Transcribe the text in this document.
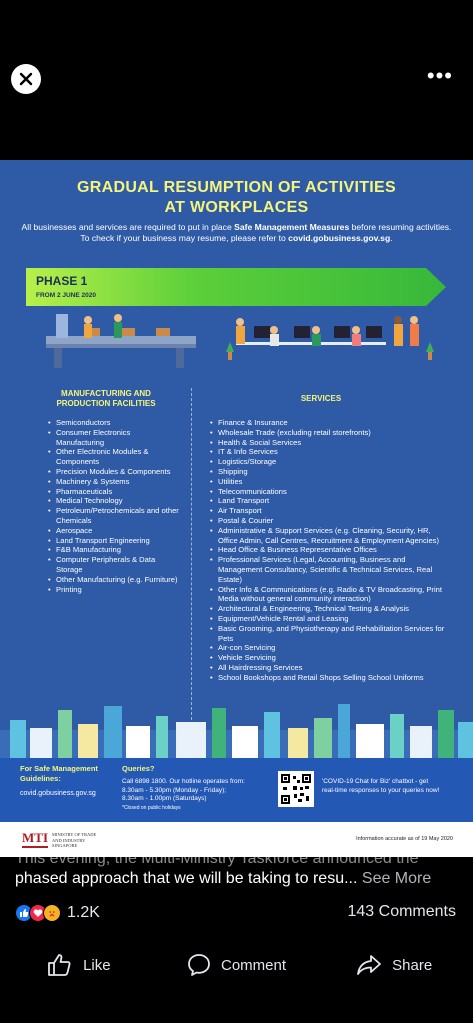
•••
GRADUAL RESUMPTION OF ACTIVITIES
AT WORKPLACES
All businesses and services are required to put in place Safe Management Measures before resuming activities. To check if your business may resume, please refer to covid.gobusiness.gov.sg.
PHASE 1
FROM 2 JUNE 2020
MANUFACTURING AND
PRODUCTION FACILITIES
SERVICES
• Semiconductors
• Consumer Electronics Manufacturing
• Other Electronic Modules & Components
• Precision Modules & Components
• Machinery & Systems
• Pharmaceuticals
• Medical Technology
• Petroleum/Petrochemicals and other Chemicals
• Aerospace
• Land Transport Engineering
• F&B Manufacturing
• Computer Peripherals & Data Storage
• Other Manufacturing (e.g. Furniture)
• Printing
• Finance & Insurance
• Wholesale Trade (excluding retail storefronts)
• Health & Social Services
• IT & Info Services
• Logistics/Storage
• Shipping
• Utilities
• Telecommunications
• Land Transport
• Air Transport
• Postal & Courier
• Administrative & Support Services (e.g. Cleaning, Security, HR, Office Admin, Call Centres, Recruitment & Employment Agencies)
• Head Office & Business Representative Offices
• Professional Services (Legal, Accounting, Business and Management Consultancy, Scientific & Technical Services, Real Estate)
• Other Info & Communications (e.g. Radio & TV Broadcasting, Print Media without general community interaction)
• Architectural & Engineering, Technical Testing & Analysis
• Equipment/Vehicle Rental and Leasing
• Basic Grooming, and Physiotherapy and Rehabilitation Services for Pets
• Air-con Servicing
• Vehicle Servicing
• All Hairdressing Services
• School Bookshops and Retail Shops Selling School Uniforms
For Safe Management
Guidelines:
covid.gobusiness.gov.sg
Queries?
Call 6898 1800. Our hotline operates from:
8.30am - 5.30pm (Monday - Friday);
8.30am - 1.00pm (Saturdays)
*Closed on public holidays
'COVID-19 Chat for Biz' chatbot - get
real-time responses to your queries now!
MTI MINISTRY OF TRADE
AND INDUSTRY
SINGAPORE
Information accurate as of 19 May 2020
This evening, the Multi-Ministry Taskforce announced the
phased approach that we will be taking to resu... See More
1.2K	143 Comments
Like	Comment	Share
